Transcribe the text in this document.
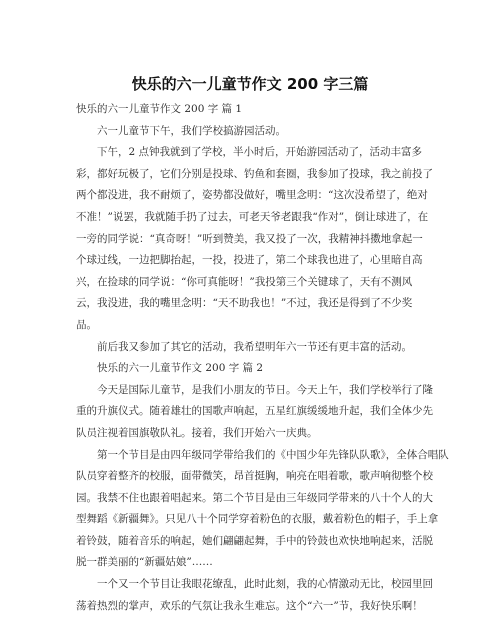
快乐的六一儿童节作文 200 字三篇
快乐的六一儿童节作文 200 字 篇 1
六一儿童节下午，我们学校搞游园活动。
下午，2 点钟我就到了学校，半小时后，开始游园活动了，活动丰富多
彩，都好玩极了，它们分别是投球、钓鱼和套圈，我参加了投球，我之前投了
两个都没进，我不耐烦了，姿势都没做好，嘴里念明：“这次没希望了，绝对
不准！”说罢，我就随手扔了过去，可老天爷老跟我“作对”，倒让球进了，在
一旁的同学说：“真奇呀！”听到赞美，我又投了一次，我精神抖擞地拿起一
个球过线，一边把脚抬起，一投，投进了，第二个球我也进了，心里暗自高
兴，在捡球的同学说：“你可真能呀！”我投第三个关键球了，天有不测风
云，我没进，我的嘴里念明：“天不助我也！”不过，我还是得到了不少奖
品。
前后我又参加了其它的活动，我希望明年六一节还有更丰富的活动。
快乐的六一儿童节作文 200 字 篇 2
今天是国际儿童节，是我们小朋友的节日。今天上午，我们学校举行了隆
重的升旗仪式。随着雄壮的国歌声响起，五星红旗缓缓地升起，我们全体少先
队员注视着国旗敬队礼。接着，我们开始六一庆典。
第一个节目是由四年级同学带给我们的《中国少年先锋队队歌》，全体合唱队
队员穿着整齐的校服，面带微笑，昂首挺胸，响亮在唱着歌，歌声响彻整个校
园。我禁不住也跟着唱起来。第二个节目是由三年级同学带来的八十个人的大
型舞蹈《新疆舞》。只见八十个同学穿着粉色的衣服，戴着粉色的帽子，手上拿
着铃鼓，随着音乐的响起，她们翩翩起舞，手中的铃鼓也欢快地响起来，活脱
脱一群美丽的“新疆姑娘”……
一个又一个节目让我眼花缭乱，此时此刻，我的心情激动无比，校园里回
荡着热烈的掌声，欢乐的气氛让我永生难忘。这个“六一”节，我好快乐啊！
